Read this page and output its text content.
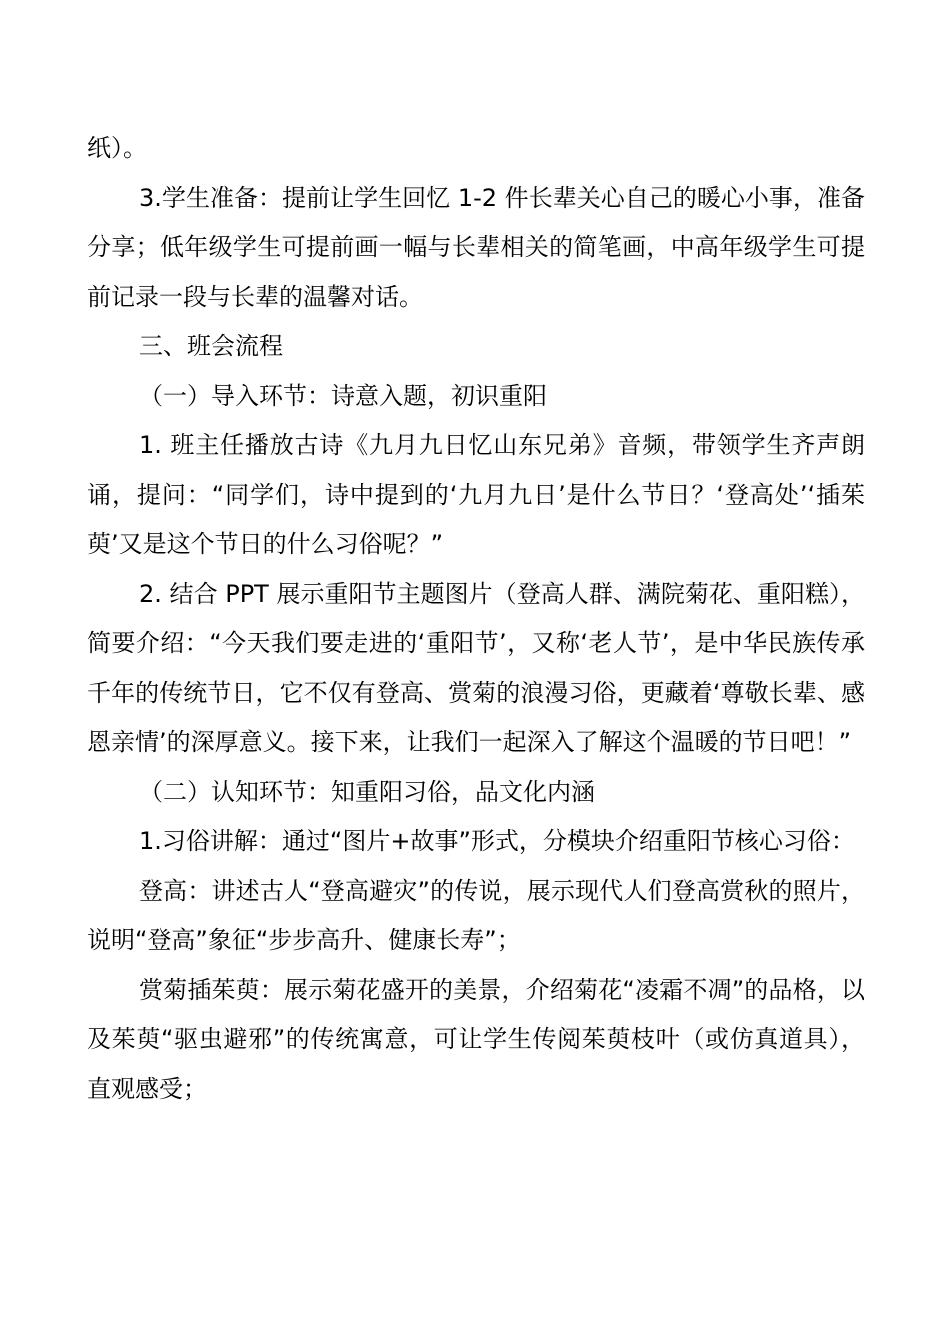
纸）。

3.学生准备：提前让学生回忆 1-2 件长辈关心自己的暖心小事，准备分享；低年级学生可提前画一幅与长辈相关的简笔画，中高年级学生可提前记录一段与长辈的温馨对话。

三、班会流程

（一）导入环节：诗意入题，初识重阳

1. 班主任播放古诗《九月九日忆山东兄弟》音频，带领学生齐声朗诵，提问：“同学们，诗中提到的‘九月九日’是什么节日？‘登高处’‘插茱萸’又是这个节日的什么习俗呢？”

2. 结合 PPT 展示重阳节主题图片（登高人群、满院菊花、重阳糕），简要介绍：“今天我们要走进的‘重阳节’，又称‘老人节’，是中华民族传承千年的传统节日，它不仅有登高、赏菊的浪漫习俗，更藏着‘尊敬长辈、感恩亲情’的深厚意义。接下来，让我们一起深入了解这个温暖的节日吧！”

（二）认知环节：知重阳习俗，品文化内涵

1.习俗讲解：通过“图片+故事”形式，分模块介绍重阳节核心习俗：

登高：讲述古人“登高避灾”的传说，展示现代人们登高赏秋的照片，说明“登高”象征“步步高升、健康长寿”；

赏菊插茱萸：展示菊花盛开的美景，介绍菊花“凌霜不凋”的品格，以及茱萸“驱虫避邪”的传统寓意，可让学生传阅茱萸枝叶（或仿真道具），直观感受；
